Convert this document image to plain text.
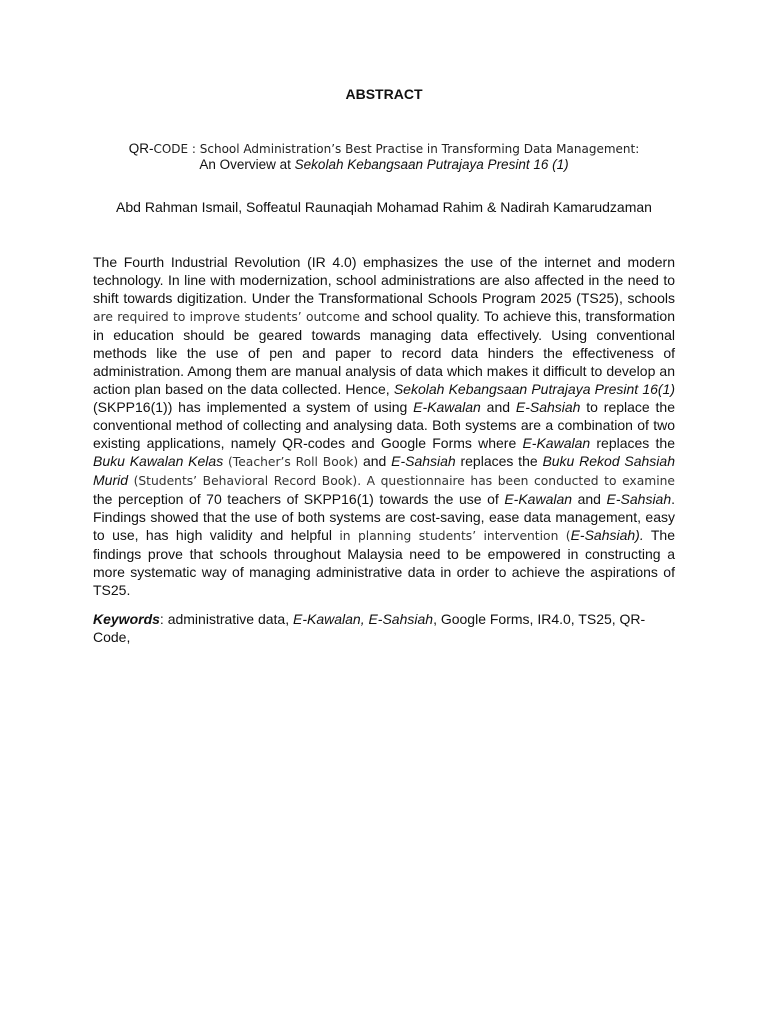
ABSTRACT
QR-CODE : School Administration’s Best Practise in Transforming Data Management:
An Overview at Sekolah Kebangsaan Putrajaya Presint 16 (1)
Abd Rahman Ismail, Soffeatul Raunaqiah Mohamad Rahim & Nadirah Kamarudzaman

The Fourth Industrial Revolution (IR 4.0) emphasizes the use of the internet and modern technology. In line with modernization, school administrations are also affected in the need to shift towards digitization. Under the Transformational Schools Program 2025 (TS25), schools are required to improve students’ outcome and school quality. To achieve this, transformation in education should be geared towards managing data effectively. Using conventional methods like the use of pen and paper to record data hinders the effectiveness of administration. Among them are manual analysis of data which makes it difficult to develop an action plan based on the data collected. Hence, Sekolah Kebangsaan Putrajaya Presint 16(1) (SKPP16(1)) has implemented a system of using E-Kawalan and E-Sahsiah to replace the conventional method of collecting and analysing data. Both systems are a combination of two existing applications, namely QR-codes and Google Forms where E-Kawalan replaces the Buku Kawalan Kelas (Teacher’s Roll Book) and E-Sahsiah replaces the Buku Rekod Sahsiah Murid (Students’ Behavioral Record Book). A questionnaire has been conducted to examine the perception of 70 teachers of SKPP16(1) towards the use of E-Kawalan and E-Sahsiah. Findings showed that the use of both systems are cost-saving, ease data management, easy to use, has high validity and helpful in planning students’ intervention (E-Sahsiah). The findings prove that schools throughout Malaysia need to be empowered in constructing a more systematic way of managing administrative data in order to achieve the aspirations of TS25.

Keywords: administrative data, E-Kawalan, E-Sahsiah, Google Forms, IR4.0, TS25, QR-Code,
